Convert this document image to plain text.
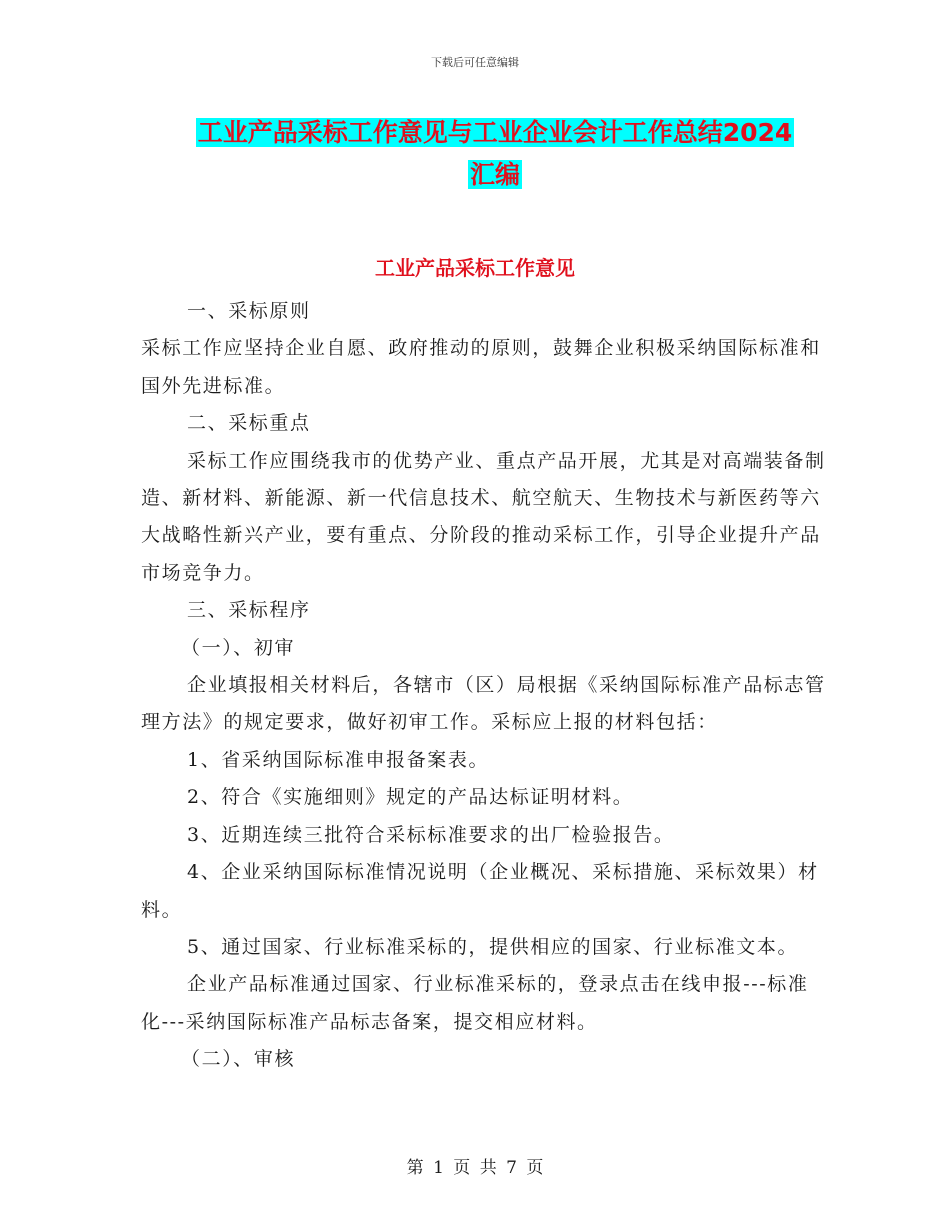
下载后可任意编辑
工业产品采标工作意见与工业企业会计工作总结2024
汇编
工业产品采标工作意见

一、采标原则

采标工作应坚持企业自愿、政府推动的原则，鼓舞企业积极采纳国际标准和国外先进标准。

二、采标重点

采标工作应围绕我市的优势产业、重点产品开展，尤其是对高端装备制造、新材料、新能源、新一代信息技术、航空航天、生物技术与新医药等六大战略性新兴产业，要有重点、分阶段的推动采标工作，引导企业提升产品市场竞争力。

三、采标程序

（一）、初审

企业填报相关材料后，各辖市（区）局根据《采纳国际标准产品标志管理方法》的规定要求，做好初审工作。采标应上报的材料包括：

1、省采纳国际标准申报备案表。

2、符合《实施细则》规定的产品达标证明材料。

3、近期连续三批符合采标标准要求的出厂检验报告。

4、企业采纳国际标准情况说明（企业概况、采标措施、采标效果）材料。

5、通过国家、行业标准采标的，提供相应的国家、行业标准文本。

企业产品标准通过国家、行业标准采标的，登录点击在线申报---标准化---采纳国际标准产品标志备案，提交相应材料。

（二）、审核

第 1 页 共 7 页
